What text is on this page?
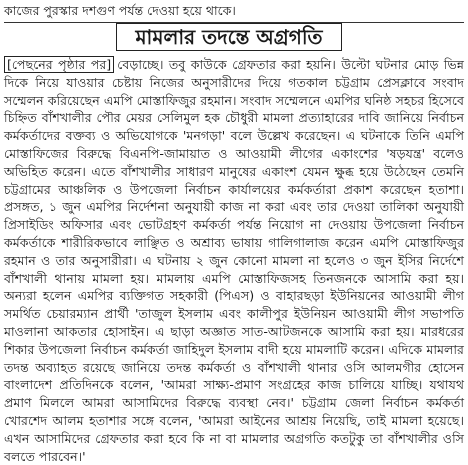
কাজের পুরস্কার দশগুণ পর্যন্ত দেওয়া হয়ে থাকে।
মামলার তদন্তে অগ্রগতি
[পেছনের পৃষ্ঠার পর] বেড়াচ্ছে। তবু কাউকে গ্রেফতার করা হয়নি। উল্টো ঘটনার মোড় ভিন্ন দিকে নিয়ে যাওয়ার চেষ্টায় নিজের অনুসারীদের দিয়ে গতকাল চট্টগ্রাম প্রেসক্লাবে সংবাদ সম্মেলন করিয়েছেন এমপি মোস্তাফিজুর রহমান। সংবাদ সম্মেলনে এমপির ঘনিষ্ঠ সহচর হিসেবে চিহ্নিত বাঁশখালীর পৌর মেয়র সেলিমুল হক চৌধুরী মামলা প্রত্যাহারের দাবি জানিয়ে নির্বাচন কর্মকর্তাদের বক্তব্য ও অভিযোগকে 'মনগড়া' বলে উল্লেখ করেছেন। এ ঘটনাকে তিনি এমপি মোস্তাফিজের বিরুদ্ধে বিএনপি-জামায়াত ও আওয়ামী লীগের একাংশের 'ষড়যন্ত্র' বলেও অভিহিত করেন। এতে বাঁশখালীর সাধারণ মানুষের একাংশ যেমন ক্ষুব্ধ হয়ে উঠেছেন তেমনি চট্টগ্রামের আঞ্চলিক ও উপজেলা নির্বাচন কার্যালয়ের কর্মকর্তারা প্রকাশ করেছেন হতাশা। প্রসঙ্গত, ১ জুন এমপির নির্দেশনা অনুযায়ী কাজ না করা এবং তার দেওয়া তালিকা অনুযায়ী প্রিসাইডিং অফিসার এবং ভোটগ্রহণ কর্মকর্তা পর্যন্ত নিয়োগ না দেওয়ায় উপজেলা নির্বাচন কর্মকর্তাকে শারীরিকভাবে লাঞ্ছিত ও অশ্রাব্য ভাষায় গালিগালাজ করেন এমপি মোস্তাফিজুর রহমান ও তার অনুসারীরা। এ ঘটনায় ২ জুন কোনো মামলা না হলেও ৩ জুন ইসির নির্দেশে বাঁশখালী থানায় মামলা হয়। মামলায় এমপি মোস্তাফিজসহ তিনজনকে আসামি করা হয়। অন্যরা হলেন এমপির ব্যক্তিগত সহকারী (পিএস) ও বাহারছড়া ইউনিয়নের আওয়ামী লীগ সমর্থিত চেয়ারম্যান প্রার্থী 'তাজুল ইসলাম এবং কালীপুর ইউনিয়ন আওয়ামী লীগ সভাপতি মাওলানা আকতার হোসাইন। এ ছাড়া অজ্ঞাত সাত-আটজনকে আসামি করা হয়। মারধরের শিকার উপজেলা নির্বাচন কর্মকর্তা জাহিদুল ইসলাম বাদী হয়ে মামলাটি করেন। এদিকে মামলার তদন্ত অব্যাহত রয়েছে জানিয়ে তদন্ত কর্মকর্তা ও বাঁশখালী থানার ওসি আলমগীর হোসেন বাংলাদেশ প্রতিদিনকে বলেন, 'আমরা সাক্ষ্য-প্রমাণ সংগ্রহের কাজ চালিয়ে যাচ্ছি। যথাযথ প্রমাণ মিললে আমরা আসামিদের বিরুদ্ধে ব্যবস্থা নেব।' চট্টগ্রাম জেলা নির্বাচন কর্মকর্তা খোরশেদ আলম হতাশার সঙ্গে বলেন, 'আমরা আইনের আশ্রয় নিয়েছি, তাই মামলা হয়েছে। এখন আসামিদের গ্রেফতার করা হবে কি না বা মামলার অগ্রগতি কতটুকু তা বাঁশখালীর ওসি বলতে পারবেন।'
